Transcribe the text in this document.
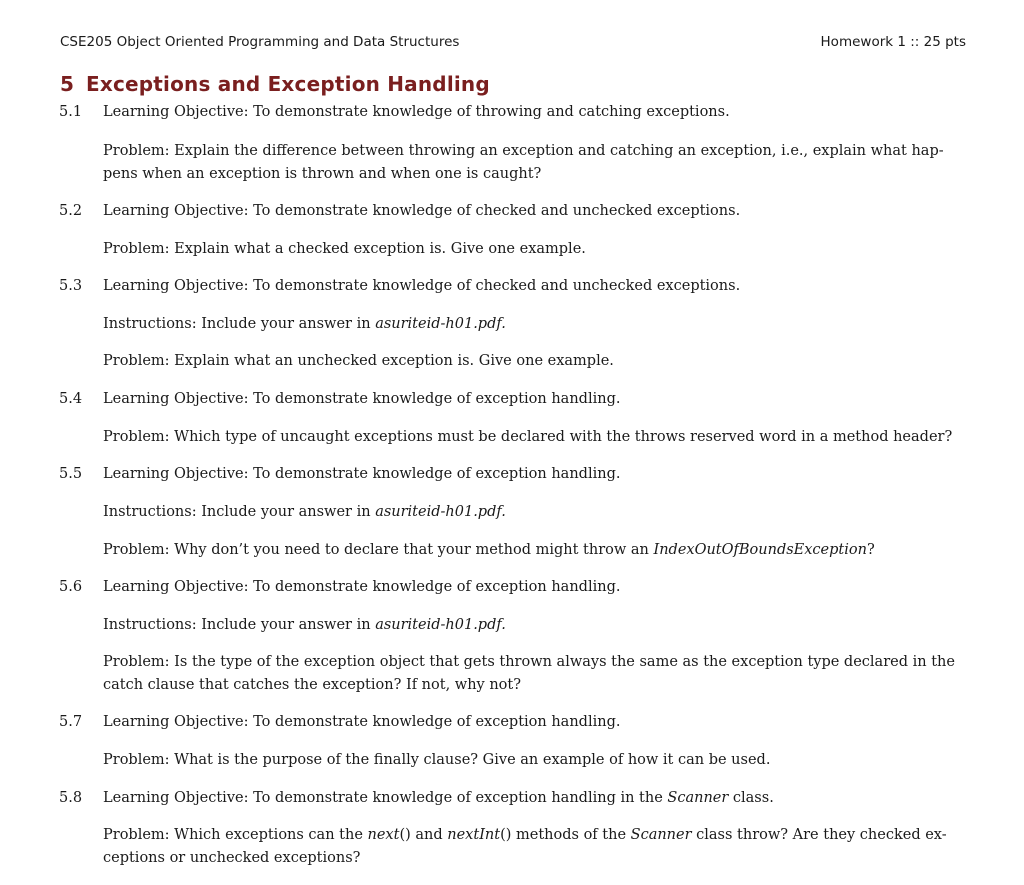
CSE205 Object Oriented Programming and Data Structures	Homework 1 :: 25 pts
5 Exceptions and Exception Handling
5.1 Learning Objective: To demonstrate knowledge of throwing and catching exceptions.
Problem: Explain the difference between throwing an exception and catching an exception, i.e., explain what hap-
pens when an exception is thrown and when one is caught?
5.2 Learning Objective: To demonstrate knowledge of checked and unchecked exceptions.
Problem: Explain what a checked exception is. Give one example.
5.3 Learning Objective: To demonstrate knowledge of checked and unchecked exceptions.
Instructions: Include your answer in asuriteid-h01.pdf.
Problem: Explain what an unchecked exception is. Give one example.
5.4 Learning Objective: To demonstrate knowledge of exception handling.
Problem: Which type of uncaught exceptions must be declared with the throws reserved word in a method header?
5.5 Learning Objective: To demonstrate knowledge of exception handling.
Instructions: Include your answer in asuriteid-h01.pdf.
Problem: Why don’t you need to declare that your method might throw an IndexOutOfBoundsException?
5.6 Learning Objective: To demonstrate knowledge of exception handling.
Instructions: Include your answer in asuriteid-h01.pdf.
Problem: Is the type of the exception object that gets thrown always the same as the exception type declared in the
catch clause that catches the exception? If not, why not?
5.7 Learning Objective: To demonstrate knowledge of exception handling.
Problem: What is the purpose of the finally clause? Give an example of how it can be used.
5.8 Learning Objective: To demonstrate knowledge of exception handling in the Scanner class.
Problem: Which exceptions can the next() and nextInt() methods of the Scanner class throw? Are they checked ex-
ceptions or unchecked exceptions?
